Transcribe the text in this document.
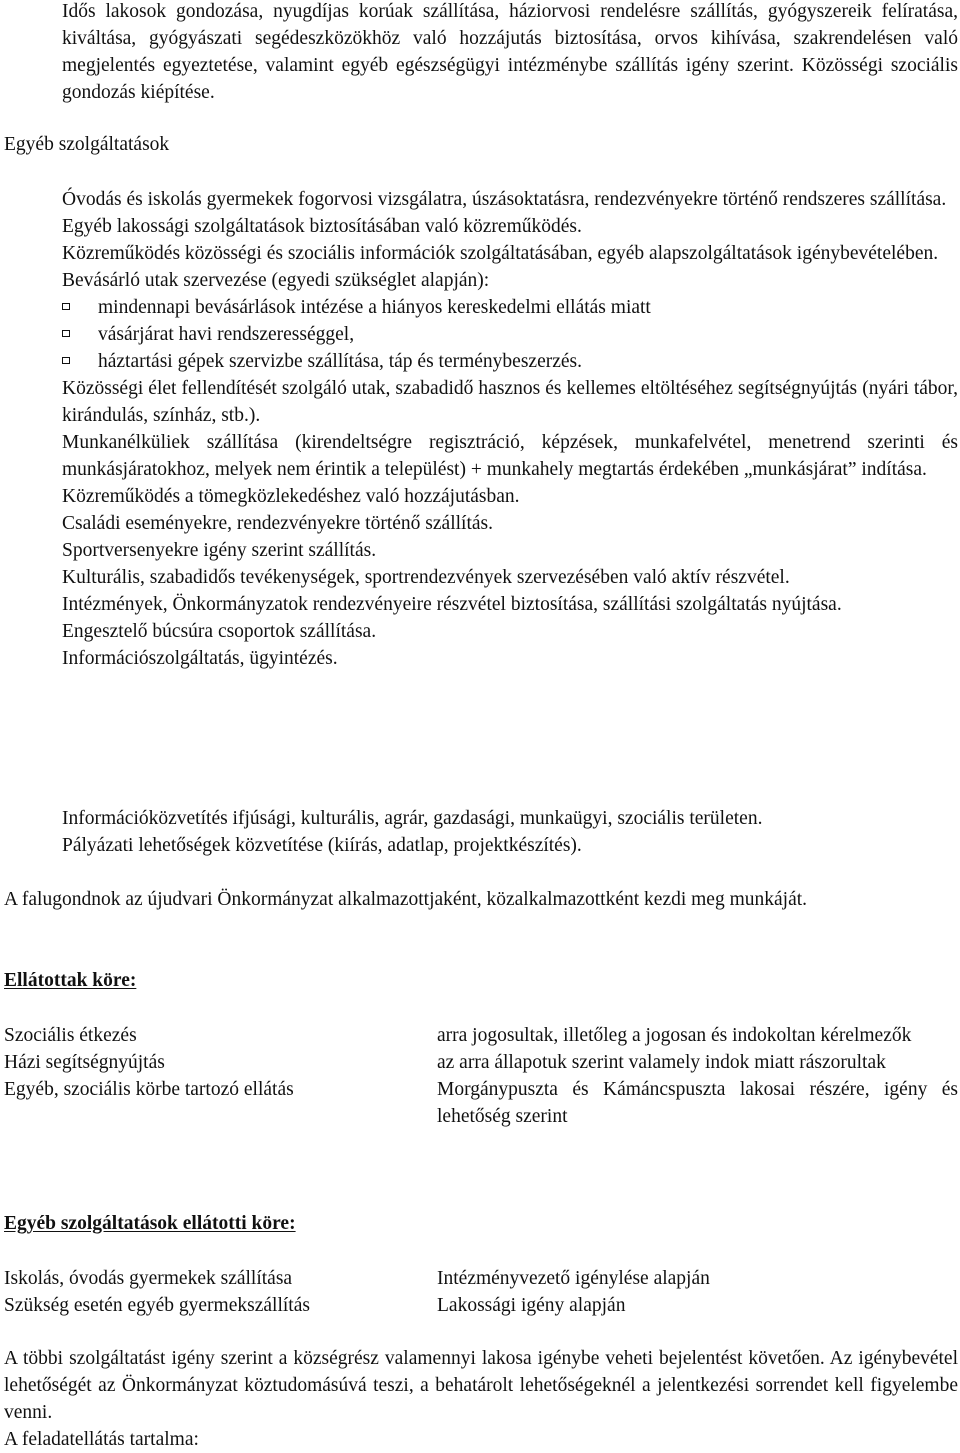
Idős lakosok gondozása, nyugdíjas korúak szállítása, háziorvosi rendelésre szállítás, gyógyszereik felíratása, kiváltása, gyógyászati segédeszközökhöz való hozzájutás biztosítása, orvos kihívása, szakrendelésen való megjelentés egyeztetése, valamint egyéb egészségügyi intézménybe szállítás igény szerint. Közösségi szociális gondozás kiépítése.

Egyéb szolgáltatások

Óvodás és iskolás gyermekek fogorvosi vizsgálatra, úszásoktatásra, rendezvényekre történő rendszeres szállítása.

Egyéb lakossági szolgáltatások biztosításában való közreműködés.

Közreműködés közösségi és szociális információk szolgáltatásában, egyéb alapszolgáltatások igénybevételében.

Bevásárló utak szervezése (egyedi szükséglet alapján):

mindennapi bevásárlások intézése a hiányos kereskedelmi ellátás miatt
vásárjárat havi rendszerességgel,
háztartási gépek szervizbe szállítása, táp és terménybeszerzés.

Közösségi élet fellendítését szolgáló utak, szabadidő hasznos és kellemes eltöltéséhez segítségnyújtás (nyári tábor, kirándulás, színház, stb.).

Munkanélküliek szállítása (kirendeltségre regisztráció, képzések, munkafelvétel, menetrend szerinti és munkásjáratokhoz, melyek nem érintik a települést) + munkahely megtartás érdekében „munkásjárat” indítása.

Közreműködés a tömegközlekedéshez való hozzájutásban.

Családi eseményekre, rendezvényekre történő szállítás.

Sportversenyekre igény szerint szállítás.

Kulturális, szabadidős tevékenységek, sportrendezvények szervezésében való aktív részvétel.

Intézmények, Önkormányzatok rendezvényeire részvétel biztosítása, szállítási szolgáltatás nyújtása.

Engesztelő búcsúra csoportok szállítása.

Információszolgáltatás, ügyintézés.

Információközvetítés ifjúsági, kulturális, agrár, gazdasági, munkaügyi, szociális területen.

Pályázati lehetőségek közvetítése (kiírás, adatlap, projektkészítés).

A falugondnok az újudvari Önkormányzat alkalmazottjaként, közalkalmazottként kezdi meg munkáját.

Ellátottak köre:

Szociális étkezés	arra jogosultak, illetőleg a jogosan és indokoltan kérelmezők
Házi segítségnyújtás	az arra állapotuk szerint valamely indok miatt rászorultak
Egyéb, szociális körbe tartozó ellátás	Morgánypuszta és Kámáncspuszta lakosai részére, igény és lehetőség szerint

Egyéb szolgáltatások ellátotti köre:

Iskolás, óvodás gyermekek szállítása	Intézményvezető igénylése alapján
Szükség esetén egyéb gyermekszállítás	Lakossági igény alapján

A többi szolgáltatást igény szerint a községrész valamennyi lakosa igénybe veheti bejelentést követően. Az igénybevétel lehetőségét az Önkormányzat köztudomásúvá teszi, a behatárolt lehetőségeknél a jelentkezési sorrendet kell figyelembe venni.

A feladatellátás tartalma:
